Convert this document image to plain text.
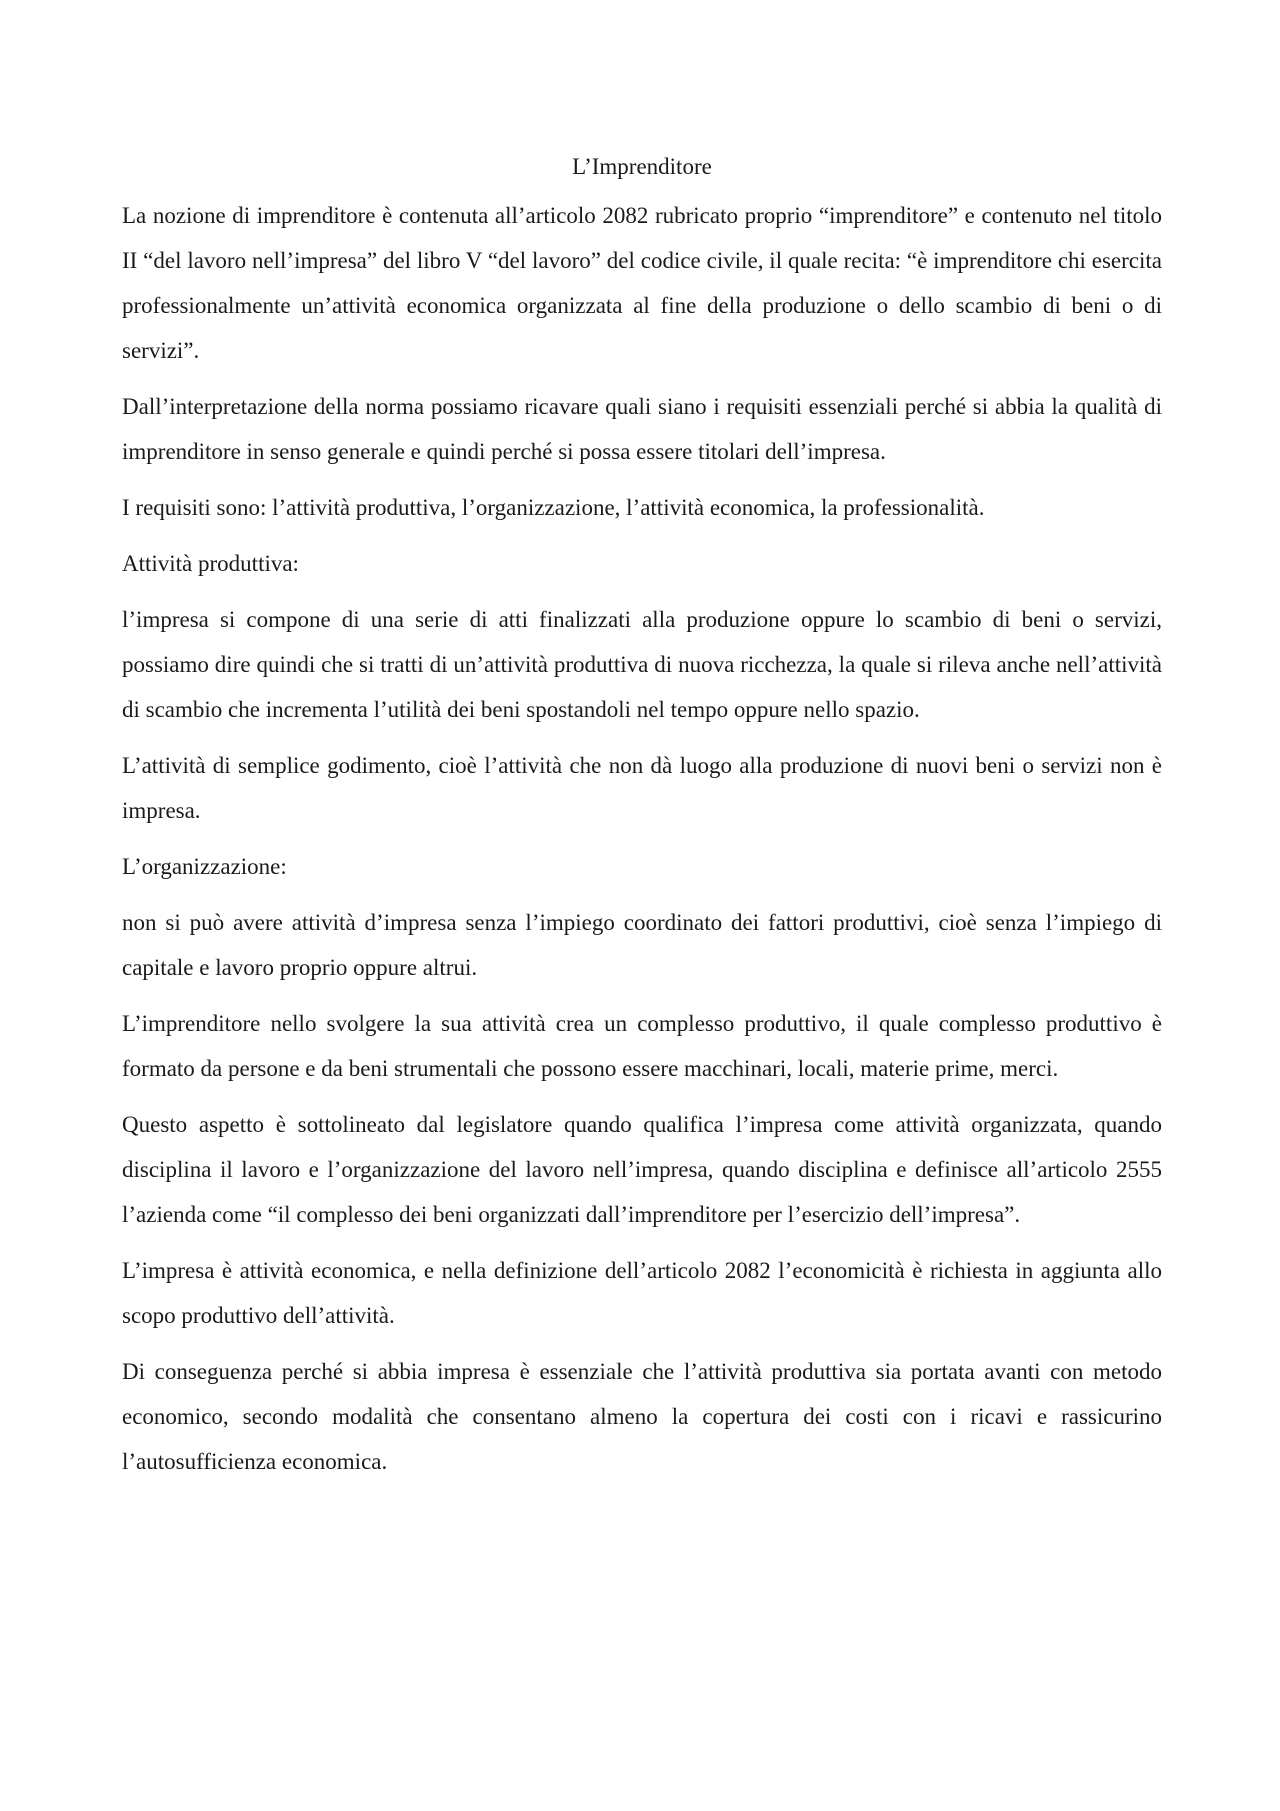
L’Imprenditore

La nozione di imprenditore è contenuta all’articolo 2082 rubricato proprio “imprenditore” e contenuto nel titolo II “del lavoro nell’impresa” del libro V “del lavoro” del codice civile, il quale recita: “è imprenditore chi esercita professionalmente un’attività economica organizzata al fine della produzione o dello scambio di beni o di servizi”.

Dall’interpretazione della norma possiamo ricavare quali siano i requisiti essenziali perché si abbia la qualità di imprenditore in senso generale e quindi perché si possa essere titolari dell’impresa.

I requisiti sono: l’attività produttiva, l’organizzazione, l’attività economica, la professionalità.

Attività produttiva:

l’impresa si compone di una serie di atti finalizzati alla produzione oppure lo scambio di beni o servizi, possiamo dire quindi che si tratti di un’attività produttiva di nuova ricchezza, la quale si rileva anche nell’attività di scambio che incrementa l’utilità dei beni spostandoli nel tempo oppure nello spazio.

L’attività di semplice godimento, cioè l’attività che non dà luogo alla produzione di nuovi beni o servizi non è impresa.

L’organizzazione:

non si può avere attività d’impresa senza l’impiego coordinato dei fattori produttivi, cioè senza l’impiego di capitale e lavoro proprio oppure altrui.

L’imprenditore nello svolgere la sua attività crea un complesso produttivo, il quale complesso produttivo è formato da persone e da beni strumentali che possono essere macchinari, locali, materie prime, merci.

Questo aspetto è sottolineato dal legislatore quando qualifica l’impresa come attività organizzata, quando disciplina il lavoro e l’organizzazione del lavoro nell’impresa, quando disciplina e definisce all’articolo 2555 l’azienda come “il complesso dei beni organizzati dall’imprenditore per l’esercizio dell’impresa”.

L’impresa è attività economica, e nella definizione dell’articolo 2082 l’economicità è richiesta in aggiunta allo scopo produttivo dell’attività.

Di conseguenza perché si abbia impresa è essenziale che l’attività produttiva sia portata avanti con metodo economico, secondo modalità che consentano almeno la copertura dei costi con i ricavi e rassicurino l’autosufficienza economica.
